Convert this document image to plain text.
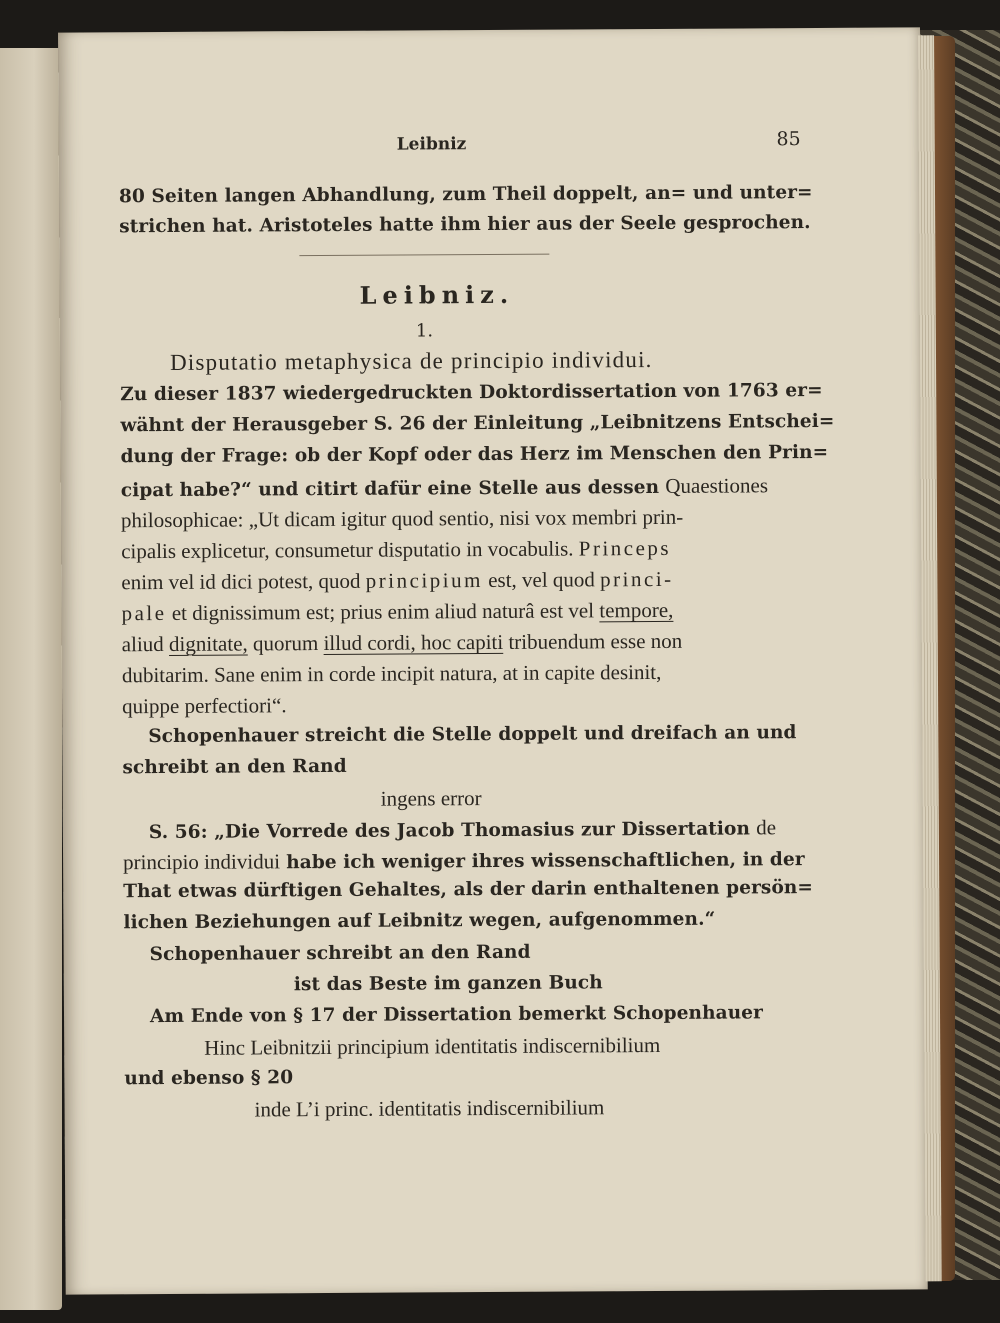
Leibniz	85
80 Seiten langen Abhandlung, zum Theil doppelt, an= und unter=
strichen hat. Aristoteles hatte ihm hier aus der Seele gesprochen.
Leibniz.
1.
Disputatio metaphysica de principio individui.
Zu dieser 1837 wiedergedruckten Doktordissertation von 1763 er=
wähnt der Herausgeber S. 26 der Einleitung „Leibnitzens Entschei=
dung der Frage: ob der Kopf oder das Herz im Menschen den Prin=
cipat habe?“ und citirt dafür eine Stelle aus dessen Quaestiones
philosophicae: „Ut dicam igitur quod sentio, nisi vox membri prin-
cipalis explicetur, consumetur disputatio in vocabulis. Princeps
enim vel id dici potest, quod principium est, vel quod princi-
pale et dignissimum est; prius enim aliud naturâ est vel tempore,
aliud dignitate, quorum illud cordi, hoc capiti tribuendum esse non
dubitarim. Sane enim in corde incipit natura, at in capite desinit,
quippe perfectiori“.
Schopenhauer streicht die Stelle doppelt und dreifach an und
schreibt an den Rand
ingens error
S. 56: „Die Vorrede des Jacob Thomasius zur Dissertation de
principio individui habe ich weniger ihres wissenschaftlichen, in der
That etwas dürftigen Gehaltes, als der darin enthaltenen persön=
lichen Beziehungen auf Leibnitz wegen, aufgenommen.“
Schopenhauer schreibt an den Rand
ist das Beste im ganzen Buch
Am Ende von § 17 der Dissertation bemerkt Schopenhauer
Hinc Leibnitzii principium identitatis indiscernibilium
und ebenso § 20
inde L’i princ. identitatis indiscernibilium
